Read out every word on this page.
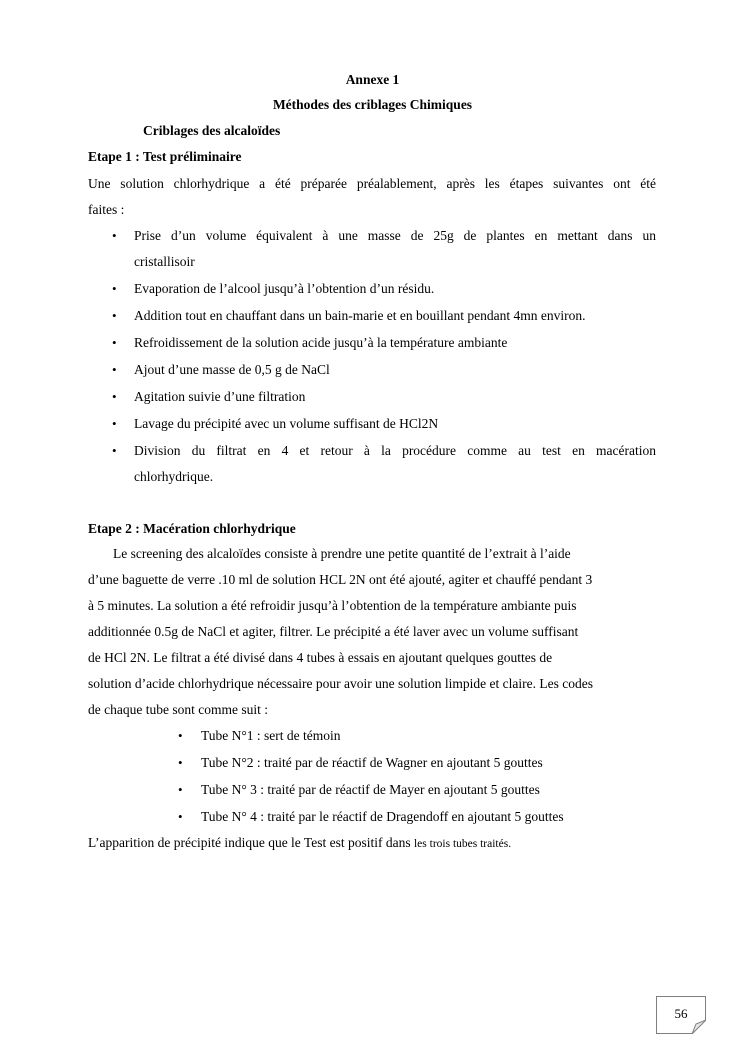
Annexe 1
Méthodes des criblages Chimiques
Criblages des alcaloïdes
Etape 1 : Test préliminaire
Une solution chlorhydrique a été préparée préalablement, après les étapes suivantes ont été
faites :
• Prise d’un volume équivalent à une masse de 25g de plantes en mettant dans un
cristallisoir
• Evaporation de l’alcool jusqu’à l’obtention d’un résidu.
• Addition tout en chauffant dans un bain-marie et en bouillant pendant 4mn environ.
• Refroidissement de la solution acide jusqu’à la température ambiante
• Ajout d’une masse de 0,5 g de NaCl
• Agitation suivie d’une filtration
• Lavage du précipité avec un volume suffisant de HCl2N
• Division du filtrat en 4 et retour à la procédure comme au test en macération
chlorhydrique.
Etape 2 : Macération chlorhydrique
Le screening des alcaloïdes consiste à prendre une petite quantité de l’extrait à l’aide
d’une baguette de verre .10 ml de solution HCL 2N ont été ajouté, agiter et chauffé pendant 3
à 5 minutes. La solution a été refroidir jusqu’à l’obtention de la température ambiante puis
additionnée 0.5g de NaCl et agiter, filtrer. Le précipité a été laver avec un volume suffisant
de HCl 2N. Le filtrat a été divisé dans 4 tubes à essais en ajoutant quelques gouttes de
solution d’acide chlorhydrique nécessaire pour avoir une solution limpide et claire. Les codes
de chaque tube sont comme suit :
• Tube N°1 : sert de témoin
• Tube N°2 : traité par de réactif de Wagner en ajoutant 5 gouttes
• Tube N° 3 : traité par de réactif de Mayer en ajoutant 5 gouttes
• Tube N° 4 : traité par le réactif de Dragendoff en ajoutant 5 gouttes
L’apparition de précipité indique que le Test est positif dans les trois tubes traités.
56
